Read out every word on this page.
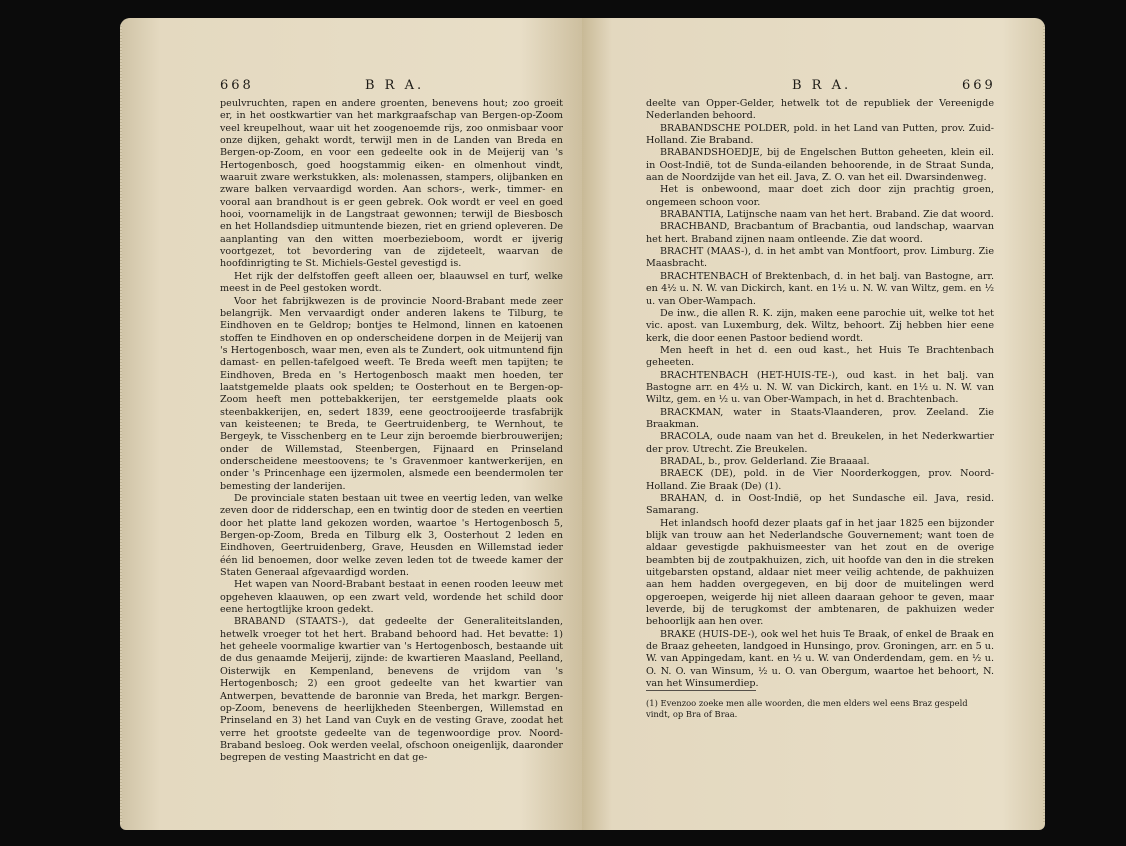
668	B R A.

peulvruchten, rapen en andere groenten, benevens hout; zoo groeit er, in het oostkwartier van het markgraafschap van Bergen-op-Zoom veel kreupelhout, waar uit het zoogenoemde rijs, zoo onmisbaar voor onze dijken, gehakt wordt, terwijl men in de Landen van Breda en Bergen-op-Zoom, en voor een gedeelte ook in de Meijerij van 's Hertogenbosch, goed hoogstammig eiken- en olmenhout vindt, waaruit zware werkstukken, als: molenassen, stampers, olijbanken en zware balken vervaardigd worden. Aan schors-, werk-, timmer- en vooral aan brandhout is er geen gebrek. Ook wordt er veel en goed hooi, voornamelijk in de Langstraat gewonnen; terwijl de Biesbosch en het Hollandsdiep uitmuntende biezen, riet en griend opleveren. De aanplanting van den witten moerbezieboom, wordt er ijverig voortgezet, tot bevordering van de zijdeteelt, waarvan de hoofdinrigting te St. Michiels-Gestel gevestigd is.

Het rijk der delfstoffen geeft alleen oer, blaauwsel en turf, welke meest in de Peel gestoken wordt.

Voor het fabrijkwezen is de provincie Noord-Brabant mede zeer belangrijk. Men vervaardigt onder anderen lakens te Tilburg, te Eindhoven en te Geldrop; bontjes te Helmond, linnen en katoenen stoffen te Eindhoven en op onderscheidene dorpen in de Meijerij van 's Hertogenbosch, waar men, even als te Zundert, ook uitmuntend fijn damast- en pellen-tafelgoed weeft. Te Breda weeft men tapijten; te Eindhoven, Breda en 's Hertogenbosch maakt men hoeden, ter laatstgemelde plaats ook spelden; te Oosterhout en te Bergen-op-Zoom heeft men pottebakkerijen, ter eerstgemelde plaats ook steenbakkerijen, en, sedert 1839, eene geoctrooijeerde trasfabrijk van keisteenen; te Breda, te Geertruidenberg, te Wernhout, te Bergeyk, te Visschenberg en te Leur zijn beroemde bierbrouwerijen; onder de Willemstad, Steenbergen, Fijnaard en Prinseland onderscheidene meestoovens; te 's Gravenmoer kantwerkerijen, en onder 's Princenhage een ijzermolen, alsmede een beendermolen ter bemesting der landerijen.

De provinciale staten bestaan uit twee en veertig leden, van welke zeven door de ridderschap, een en twintig door de steden en veertien door het platte land gekozen worden, waartoe 's Hertogenbosch 5, Bergen-op-Zoom, Breda en Tilburg elk 3, Oosterhout 2 leden en Eindhoven, Geertruidenberg, Grave, Heusden en Willemstad ieder één lid benoemen, door welke zeven leden tot de tweede kamer der Staten Generaal afgevaardigd worden.

Het wapen van Noord-Brabant bestaat in eenen rooden leeuw met opgeheven klaauwen, op een zwart veld, wordende het schild door eene hertogtlijke kroon gedekt.

BRABAND (STAATS-), dat gedeelte der Generaliteitslanden, hetwelk vroeger tot het hert. Braband behoord had. Het bevatte: 1) het geheele voormalige kwartier van 's Hertogenbosch, bestaande uit de dus genaamde Meijerij, zijnde: de kwartieren Maasland, Peelland, Oisterwijk en Kempenland, benevens de vrijdom van 's Hertogenbosch; 2) een groot gedeelte van het kwartier van Antwerpen, bevattende de baronnie van Breda, het markgr. Bergen-op-Zoom, benevens de heerlijkheden Steenbergen, Willemstad en Prinseland en 3) het Land van Cuyk en de vesting Grave, zoodat het verre het grootste gedeelte van de tegenwoordige prov. Noord-Braband besloeg. Ook werden veelal, ofschoon oneigenlijk, daaronder begrepen de vesting Maastricht en dat ge-

B R A.	669

deelte van Opper-Gelder, hetwelk tot de republiek der Vereenigde Nederlanden behoord.

BRABANDSCHE POLDER, pold. in het Land van Putten, prov. Zuid-Holland. Zie Braband.

BRABANDSHOEDJE, bij de Engelschen Button geheeten, klein eil. in Oost-Indië, tot de Sunda-eilanden behoorende, in de Straat Sunda, aan de Noordzijde van het eil. Java, Z. O. van het eil. Dwarsindenweg.

Het is onbewoond, maar doet zich door zijn prachtig groen, ongemeen schoon voor.

BRABANTIA, Latijnsche naam van het hert. Braband. Zie dat woord.

BRACHBAND, Bracbantum of Bracbantia, oud landschap, waarvan het hert. Braband zijnen naam ontleende. Zie dat woord.

BRACHT (MAAS-), d. in het ambt van Montfoort, prov. Limburg. Zie Maasbracht.

BRACHTENBACH of Brektenbach, d. in het balj. van Bastogne, arr. en 4½ u. N. W. van Dickirch, kant. en 1½ u. N. W. van Wiltz, gem. en ½ u. van Ober-Wampach.

De inw., die allen R. K. zijn, maken eene parochie uit, welke tot het vic. apost. van Luxemburg, dek. Wiltz, behoort. Zij hebben hier eene kerk, die door eenen Pastoor bediend wordt.

Men heeft in het d. een oud kast., het Huis Te Brachtenbach geheeten.

BRACHTENBACH (HET-HUIS-TE-), oud kast. in het balj. van Bastogne arr. en 4½ u. N. W. van Dickirch, kant. en 1½ u. N. W. van Wiltz, gem. en ½ u. van Ober-Wampach, in het d. Brachtenbach.

BRACKMAN, water in Staats-Vlaanderen, prov. Zeeland. Zie Braakman.

BRACOLA, oude naam van het d. Breukelen, in het Nederkwartier der prov. Utrecht. Zie Breukelen.

BRADAL, b., prov. Gelderland. Zie Braaaal.

BRAECK (DE), pold. in de Vier Noorderkoggen, prov. Noord-Holland. Zie Braak (De) (1).

BRAHAN, d. in Oost-Indië, op het Sundasche eil. Java, resid. Samarang.

Het inlandsch hoofd dezer plaats gaf in het jaar 1825 een bijzonder blijk van trouw aan het Nederlandsche Gouvernement; want toen de aldaar gevestigde pakhuismeester van het zout en de overige beambten bij de zoutpakhuizen, zich, uit hoofde van den in die streken uitgebarsten opstand, aldaar niet meer veilig achtende, de pakhuizen aan hem hadden overgegeven, en bij door de muitelingen werd opgeroepen, weigerde hij niet alleen daaraan gehoor te geven, maar leverde, bij de terugkomst der ambtenaren, de pakhuizen weder behoorlijk aan hen over.

BRAKE (HUIS-DE-), ook wel het huis Te Braak, of enkel de Braak en de Braaz geheeten, landgoed in Hunsingo, prov. Groningen, arr. en 5 u. W. van Appingedam, kant. en ½ u. W. van Onderdendam, gem. en ½ u. O. N. O. van Winsum, ½ u. O. van Obergum, waartoe het behoort, N. van het Winsumerdiep.

(1) Evenzoo zoeke men alle woorden, die men elders wel eens Braz gespeld vindt, op Bra of Braa.
